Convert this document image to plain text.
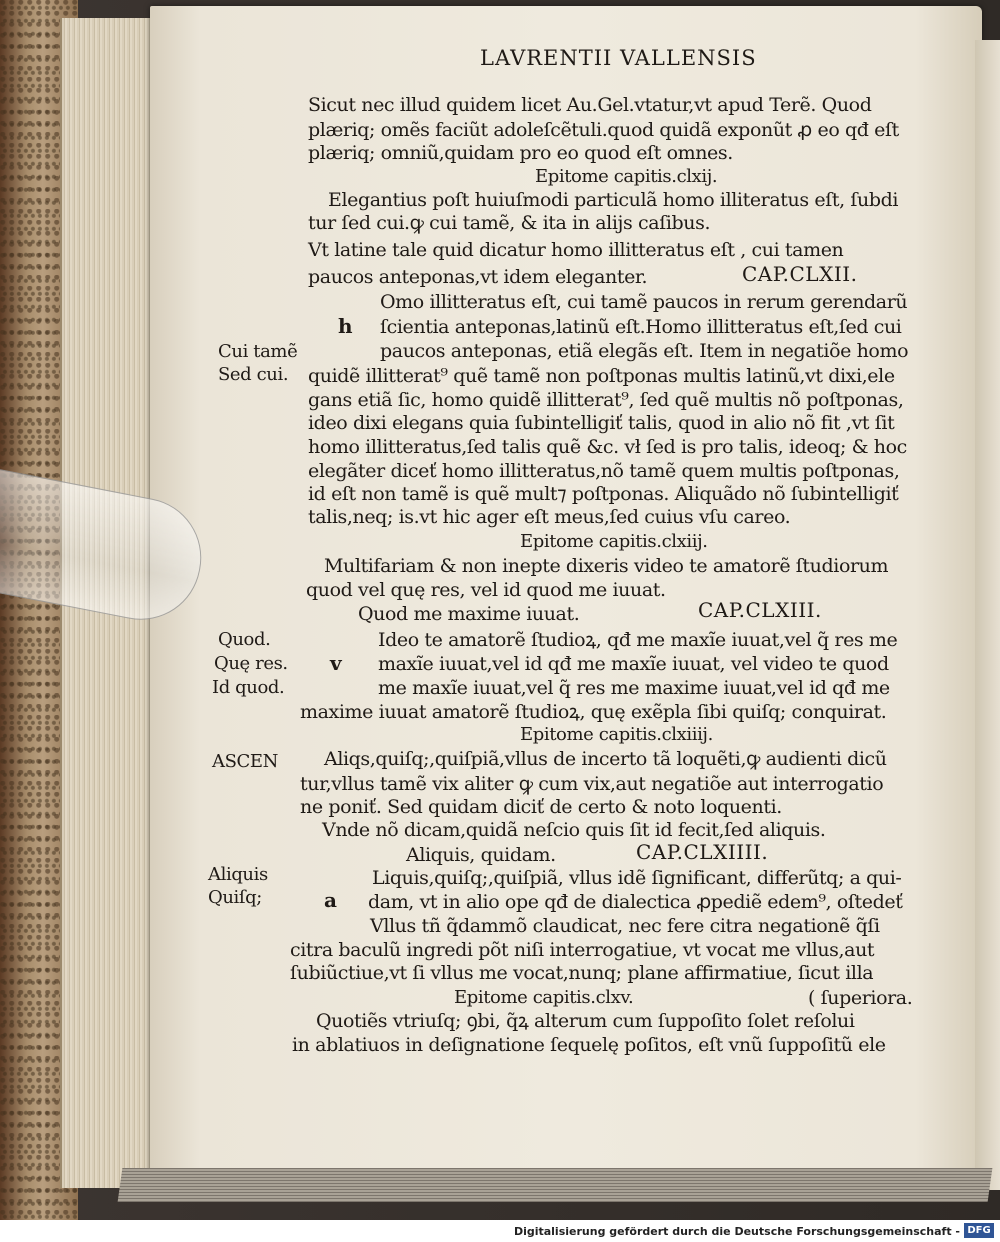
LAVRENTII VALLENSIS
Sicut nec illud quidem licet Au.Gel.vtatur,vt apud Terẽ. Quod
plæriq; omẽs faciũt adoleſcẽtuli.quod quidã exponũt ꝓ eo qđ eſt
plæriq; omniũ,quidam pro eo quod eſt omnes.
Epitome capitis.clxij.
Elegantius poſt huiuſmodi particulã homo illiteratus eſt, ſubdi
tur ſed cui.ꝙ cui tamẽ, & ita in alijs caſibus.
Vt latine tale quid dicatur homo illitteratus eſt , cui tamen
paucos anteponas,vt idem eleganter.	CAP.CLXII.
Omo illitteratus eſt, cui tamẽ paucos in rerum gerendarũ
ſcientia anteponas,latinũ eſt.Homo illitteratus eſt,ſed cui
paucos anteponas, etiã elegãs eſt. Item in negatiõe homo
quidẽ illitterat⁹ quẽ tamẽ non poſtponas multis latinũ,vt dixi,ele
gans etiã ſic, homo quidẽ illitterat⁹, ſed quẽ multis nõ poſtponas,
ideo dixi elegans quia ſubintelligiť talis, quod in alio nõ fit ,vt ſit
homo illitteratus,ſed talis quẽ &c. vł ſed is pro talis, ideoq; & hoc
elegãter diceť homo illitteratus,nõ tamẽ quem multis poſtponas,
id eſt non tamẽ is quẽ mult⁊ poſtponas. Aliquãdo nõ ſubintelligiť
talis,neq; is.vt hic ager eſt meus,ſed cuius vſu careo.
Epitome capitis.clxiij.
Multifariam & non inepte dixeris video te amatorẽ ſtudiorum
quod vel quę res, vel id quod me iuuat.
Quod me maxime iuuat.	CAP.CLXIII.
Ideo te amatorẽ ſtudioꝝ, qđ me maxĩe iuuat,vel q̃ res me
maxĩe iuuat,vel id qđ me maxĩe iuuat, vel video te quod
me maxĩe iuuat,vel q̃ res me maxime iuuat,vel id qđ me
maxime iuuat amatorẽ ſtudioꝝ, quę exẽpla ſibi quiſq; conquirat.
Epitome capitis.clxiiij.
Aliqs,quiſq;,quiſpiã,vllus de incerto tã loquẽti,ꝙ audienti dicũ
tur,vllus tamẽ vix aliter ꝙ cum vix,aut negatiõe aut interrogatio
ne poniť. Sed quidam diciť de certo & noto loquenti.
Vnde nõ dicam,quidã neſcio quis ſit id fecit,ſed aliquis.
Aliquis, quidam.	CAP.CLXIIII.
Liquis,quiſq;,quiſpiã, vllus idẽ ſignificant, differũtq; a qui-
dam, vt in alio ope qđ de dialectica ꝓpediẽ edem⁹, oſtedeť
Vllus tñ q̃dammõ claudicat, nec fere citra negationẽ q̃ſi
citra baculũ ingredi põt niſi interrogatiue, vt vocat me vllus,aut
ſubiũctiue,vt ſi vllus me vocat,nunq; plane affirmatiue, ſicut illa
Epitome capitis.clxv.	( ſuperiora.
Quotiẽs vtriuſq; ꝯbi, q̃ꝝ alterum cum ſuppoſito ſolet reſolui
in ablatiuos in deſignatione ſequelę poſitos, eſt vnũ ſuppoſitũ ele
Cui tamẽ
Sed cui.
Quod.
Quę res.
Id quod.
ASCEN
Aliquis
Quiſq;
h
v
a
Digitalisierung gefördert durch die Deutsche Forschungsgemeinschaft - DFG
